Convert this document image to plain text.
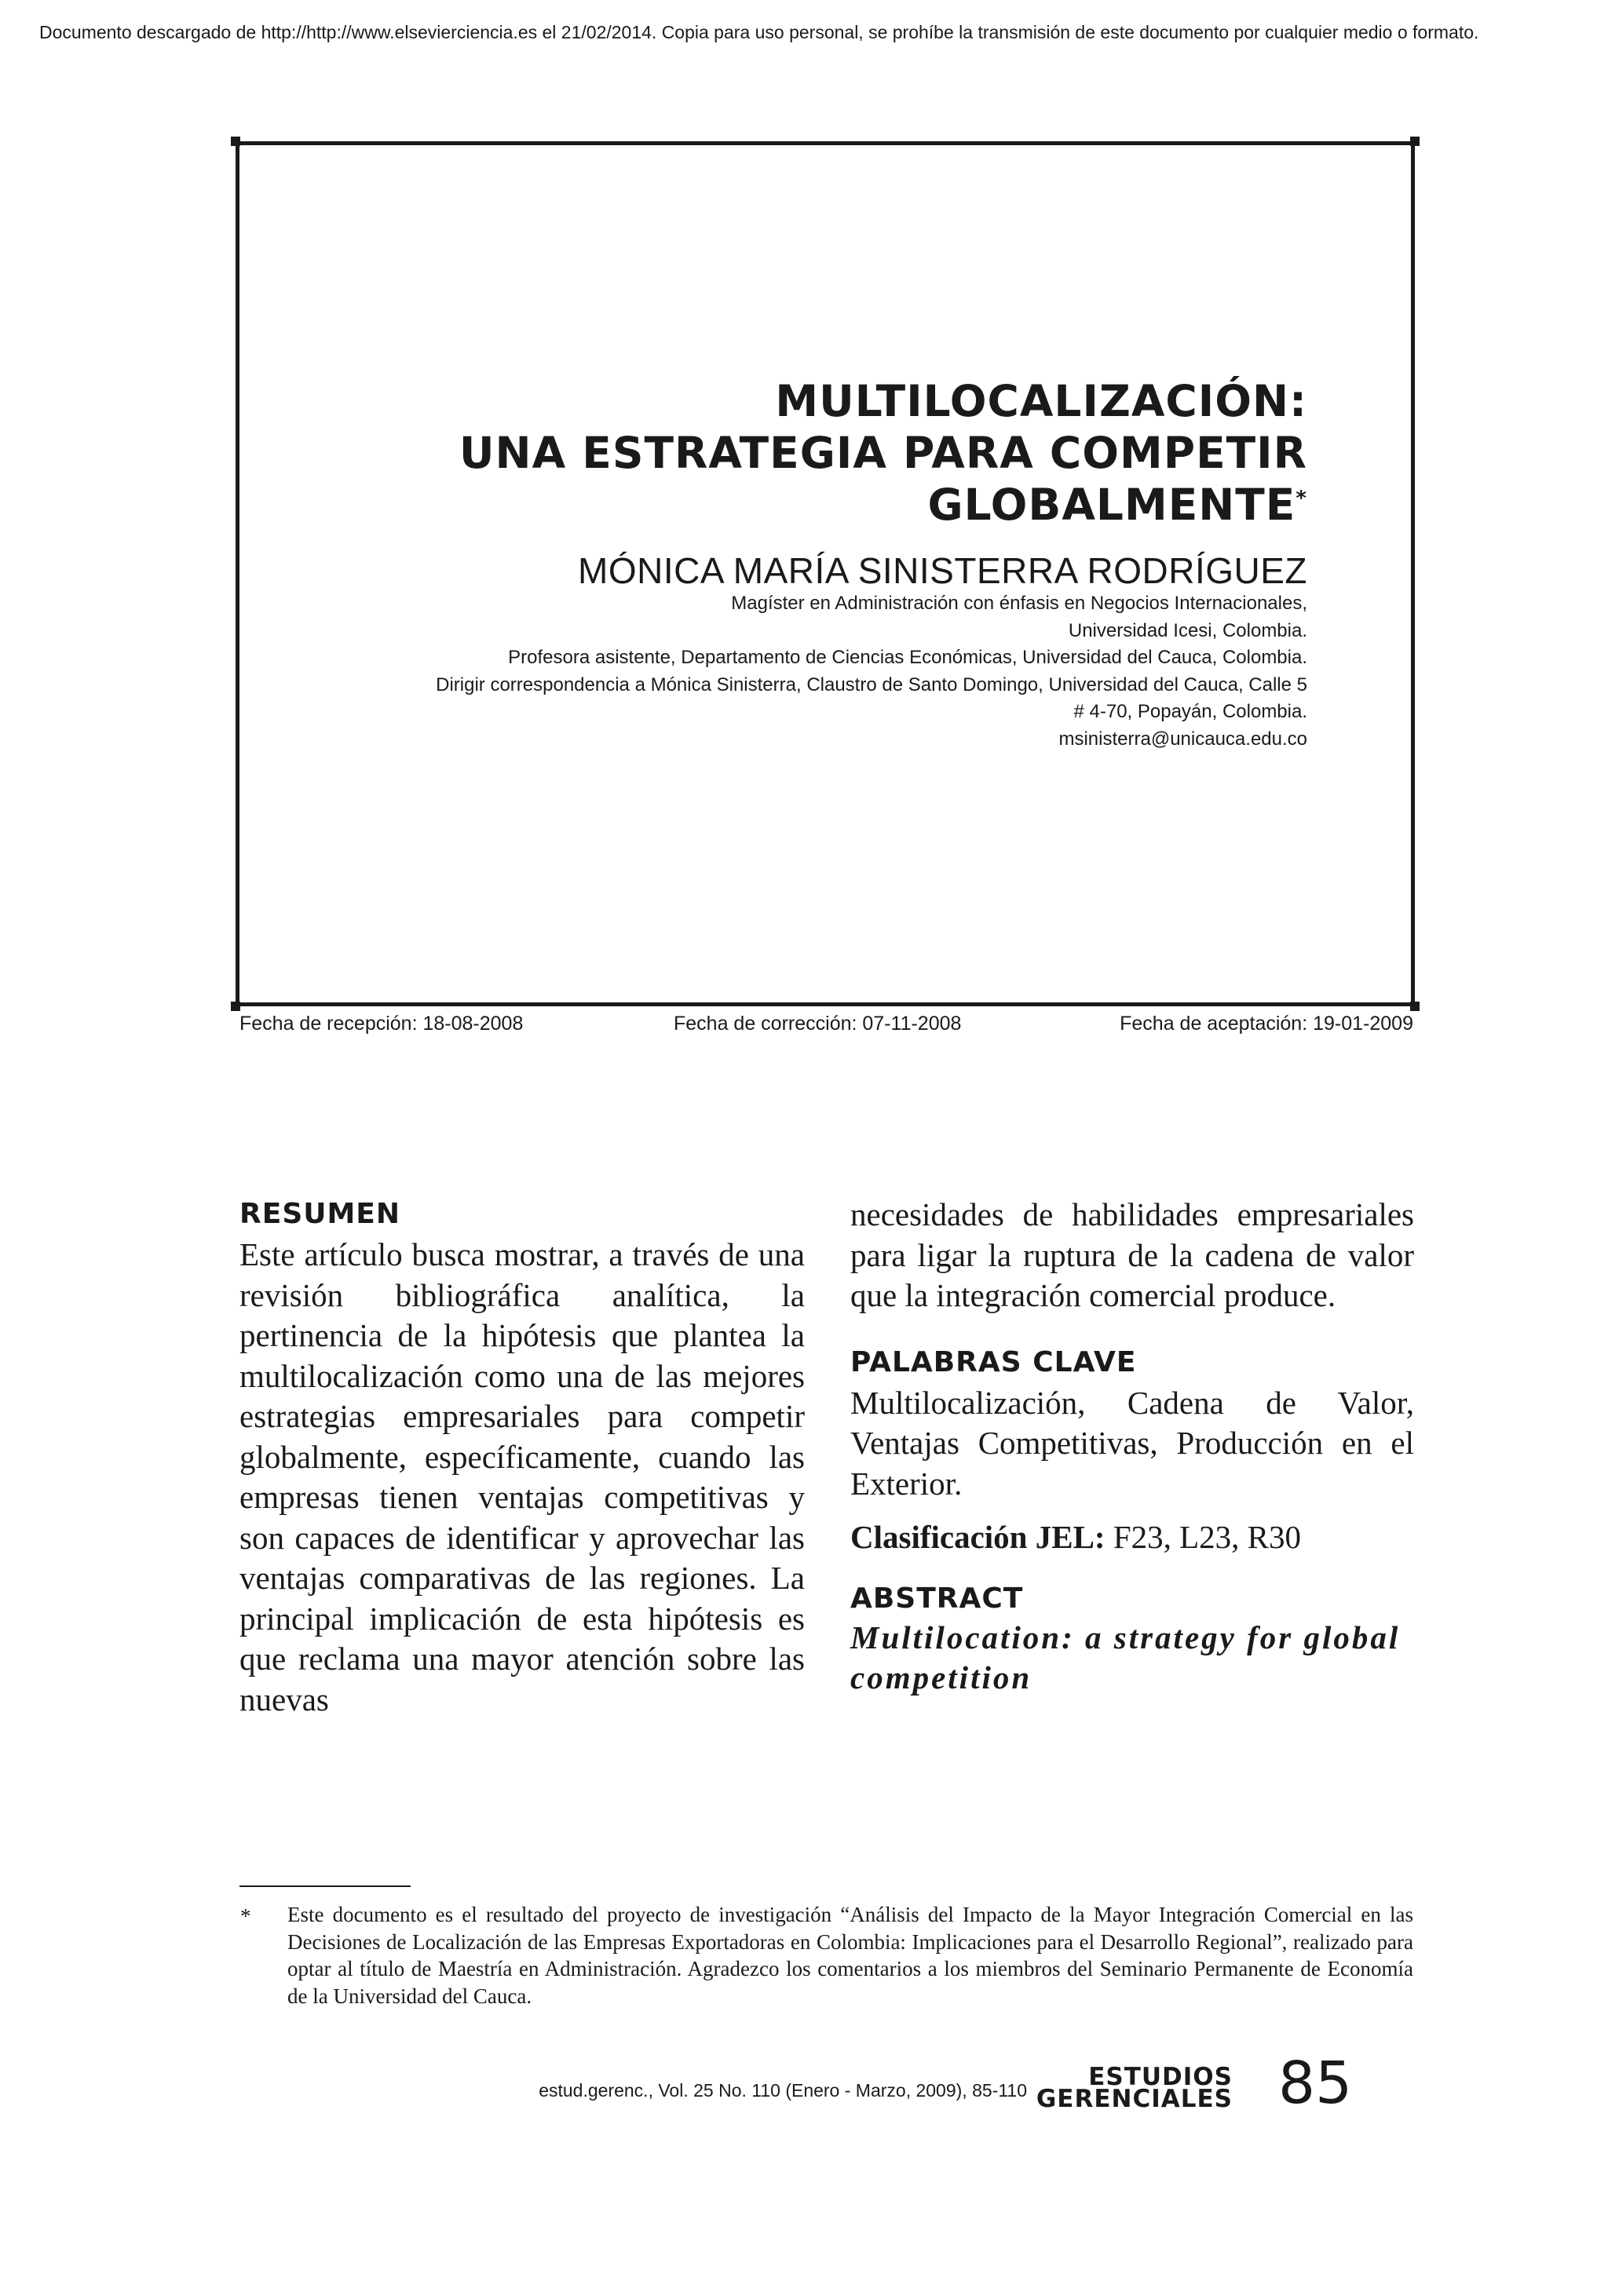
Documento descargado de http://http://www.elsevierciencia.es el 21/02/2014. Copia para uso personal, se prohíbe la transmisión de este documento por cualquier medio o formato.
MULTILOCALIZACIÓN:
UNA ESTRATEGIA PARA COMPETIR
GLOBALMENTE*
MÓNICA MARÍA SINISTERRA RODRÍGUEZ
Magíster en Administración con énfasis en Negocios Internacionales,
Universidad Icesi, Colombia.
Profesora asistente, Departamento de Ciencias Económicas, Universidad del Cauca, Colombia.
Dirigir correspondencia a Mónica Sinisterra, Claustro de Santo Domingo, Universidad del Cauca, Calle 5
# 4-70, Popayán, Colombia.
msinisterra@unicauca.edu.co
Fecha de recepción: 18-08-2008	Fecha de corrección: 07-11-2008	Fecha de aceptación: 19-01-2009
RESUMEN
Este artículo busca mostrar, a través de una revisión bibliográfica analítica, la pertinencia de la hipótesis que plantea la multilocalización como una de las mejores estrategias empresariales para competir globalmente, específicamente, cuando las empresas tienen ventajas competitivas y son capaces de identificar y aprovechar las ventajas comparativas de las regiones. La principal implicación de esta hipótesis es que reclama una mayor atención sobre las nuevas
necesidades de habilidades empresariales para ligar la ruptura de la cadena de valor que la integración comercial produce.
PALABRAS CLAVE
Multilocalización, Cadena de Valor, Ventajas Competitivas, Producción en el Exterior.
Clasificación JEL: F23, L23, R30
ABSTRACT
Multilocation: a strategy for global competition
* Este documento es el resultado del proyecto de investigación “Análisis del Impacto de la Mayor Integración Comercial en las Decisiones de Localización de las Empresas Exportadoras en Colombia: Implicaciones para el Desarrollo Regional”, realizado para optar al título de Maestría en Administración. Agradezco los comentarios a los miembros del Seminario Permanente de Economía de la Universidad del Cauca.
estud.gerenc., Vol. 25 No. 110 (Enero - Marzo, 2009), 85-110	ESTUDIOS
GERENCIALES 85
